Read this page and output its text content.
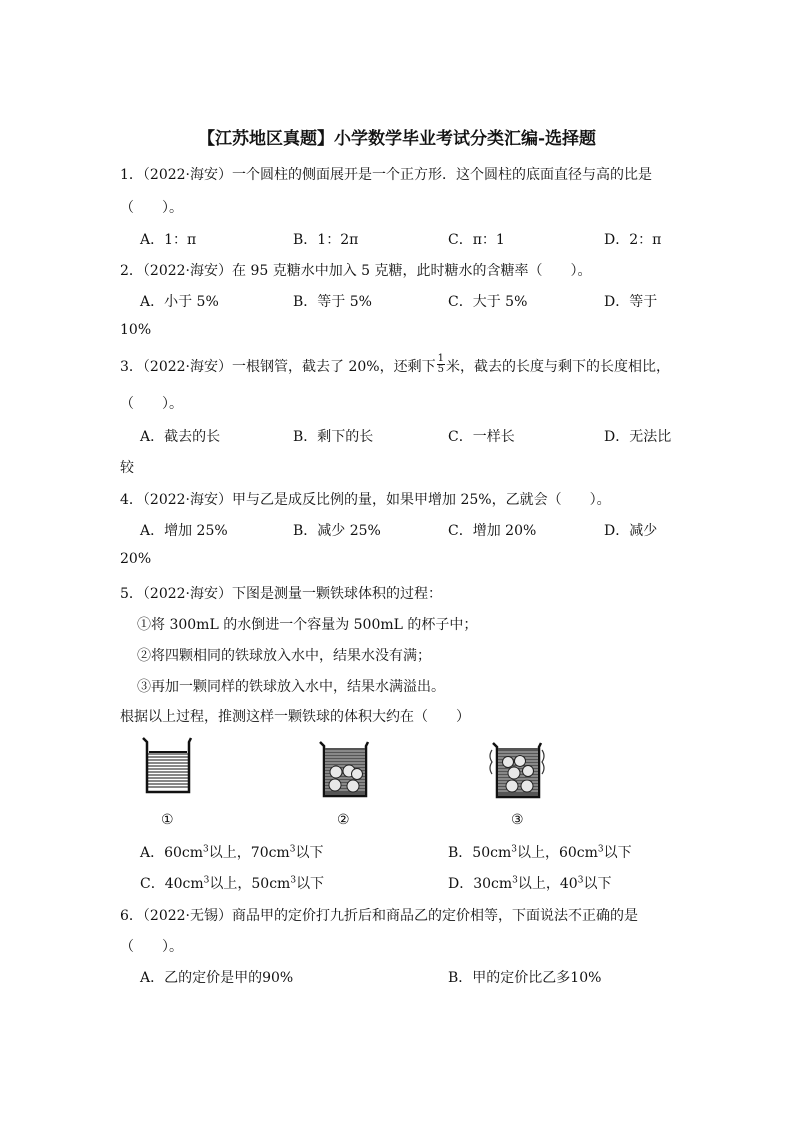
【江苏地区真题】小学数学毕业考试分类汇编-选择题
1．（2022·海安）一个圆柱的侧面展开是一个正方形．这个圆柱的底面直径与高的比是
（　　）。
A．1：π	B．1：2π	C．π：1	D．2：π
2．（2022·海安）在 95 克糖水中加入 5 克糖，此时糖水的含糖率（　　）。
A．小于 5%	B．等于 5%	C．大于 5%	D．等于
10%
3．（2022·海安）一根钢管，截去了 20%，还剩下 $\frac{1}{5}$ 米，截去的长度与剩下的长度相比，
（　　）。
A．截去的长	B．剩下的长	C．一样长	D．无法比
较
4．（2022·海安）甲与乙是成反比例的量，如果甲增加 25%，乙就会（　　）。
A．增加 25%	B．减少 25%	C．增加 20%	D．减少
20%
5．（2022·海安）下图是测量一颗铁球体积的过程：
①将 300mL 的水倒进一个容量为 500mL 的杯子中；
②将四颗相同的铁球放入水中，结果水没有满；
③再加一颗同样的铁球放入水中，结果水满溢出。
根据以上过程，推测这样一颗铁球的体积大约在（　　）
①	②	③
A．$60cm^3$以上，$70cm^3$以下	B．$50cm^3$以上，$60cm^3$以下
C．$40cm^3$以上，$50cm^3$以下	D．$30cm^3$以上，$40^3$以下
6．（2022·无锡）商品甲的定价打九折后和商品乙的定价相等，下面说法不正确的是
（　　）。
A．乙的定价是甲的90%	B．甲的定价比乙多10%
